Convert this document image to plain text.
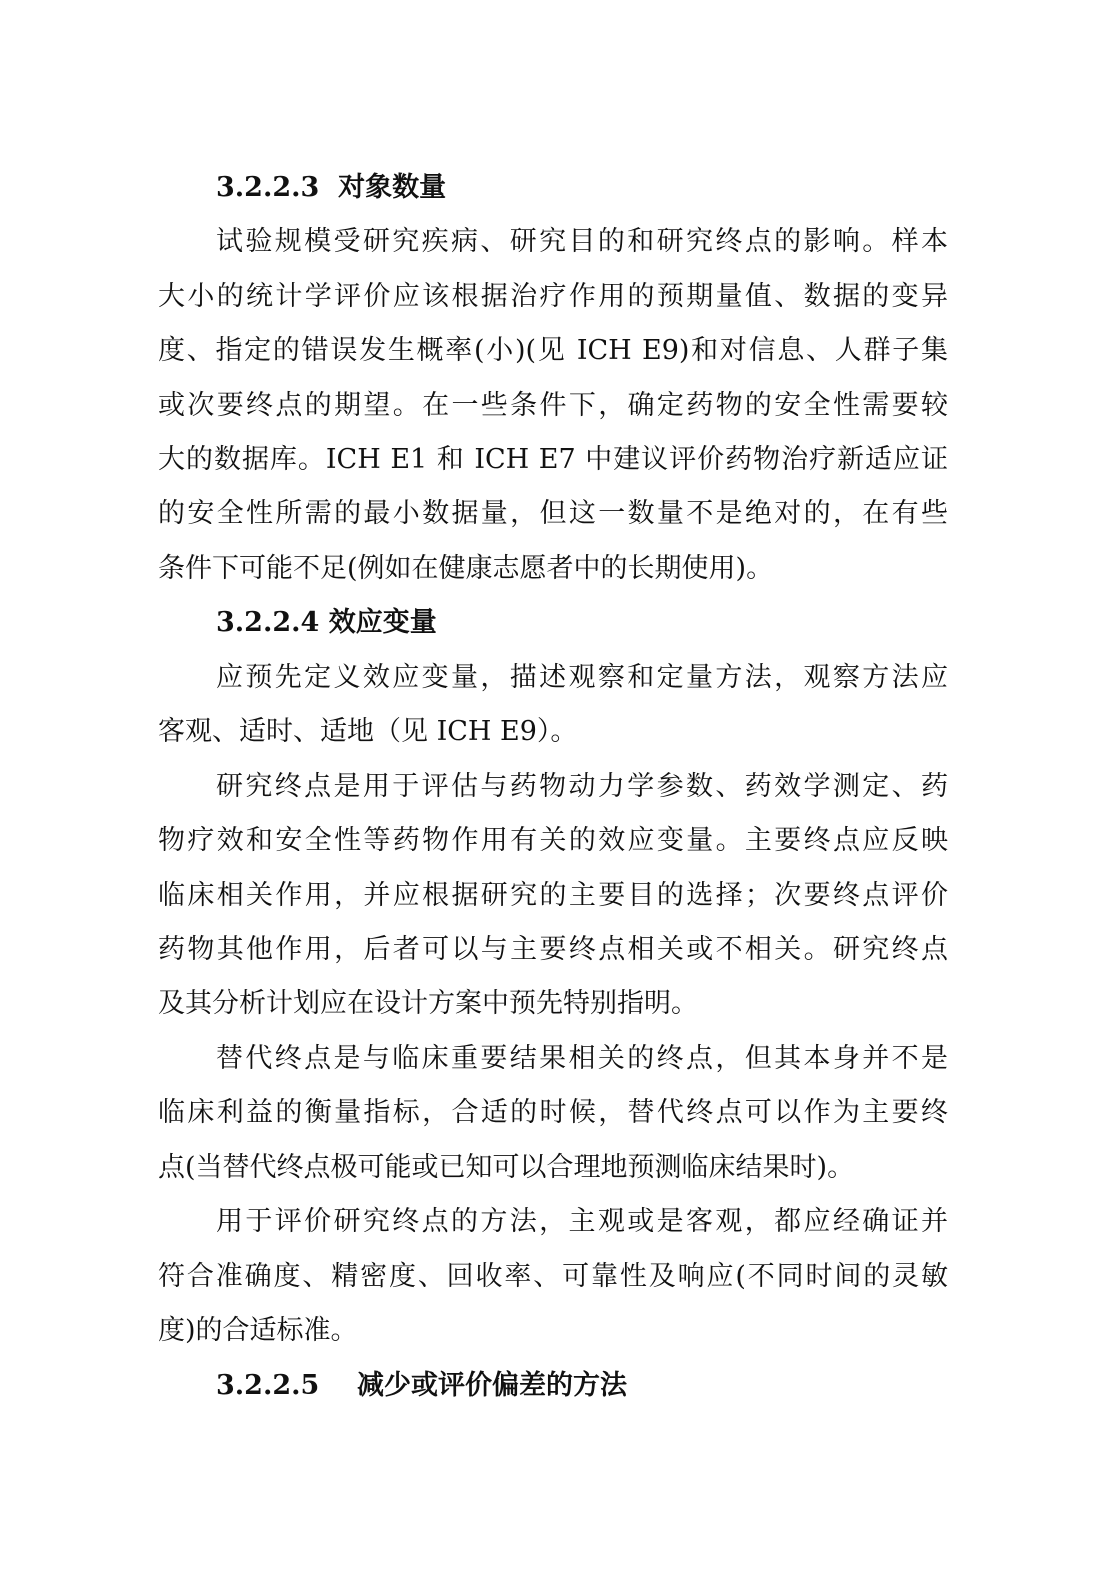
3.2.2.3 对象数量
试验规模受研究疾病、研究目的和研究终点的影响。样本
大小的统计学评价应该根据治疗作用的预期量值、数据的变异
度、指定的错误发生概率(小)(见 ICH E9)和对信息、人群子集
或次要终点的期望。在一些条件下，确定药物的安全性需要较
大的数据库。ICH E1 和 ICH E7 中建议评价药物治疗新适应证
的安全性所需的最小数据量，但这一数量不是绝对的，在有些
条件下可能不足(例如在健康志愿者中的长期使用)。
3.2.2.4 效应变量
应预先定义效应变量，描述观察和定量方法，观察方法应
客观、适时、适地（见 ICH E9）。
研究终点是用于评估与药物动力学参数、药效学测定、药
物疗效和安全性等药物作用有关的效应变量。主要终点应反映
临床相关作用，并应根据研究的主要目的选择；次要终点评价
药物其他作用，后者可以与主要终点相关或不相关。研究终点
及其分析计划应在设计方案中预先特别指明。
替代终点是与临床重要结果相关的终点，但其本身并不是
临床利益的衡量指标，合适的时候，替代终点可以作为主要终
点(当替代终点极可能或已知可以合理地预测临床结果时)。
用于评价研究终点的方法，主观或是客观，都应经确证并
符合准确度、精密度、回收率、可靠性及响应(不同时间的灵敏
度)的合适标准。
3.2.2.5 减少或评价偏差的方法
